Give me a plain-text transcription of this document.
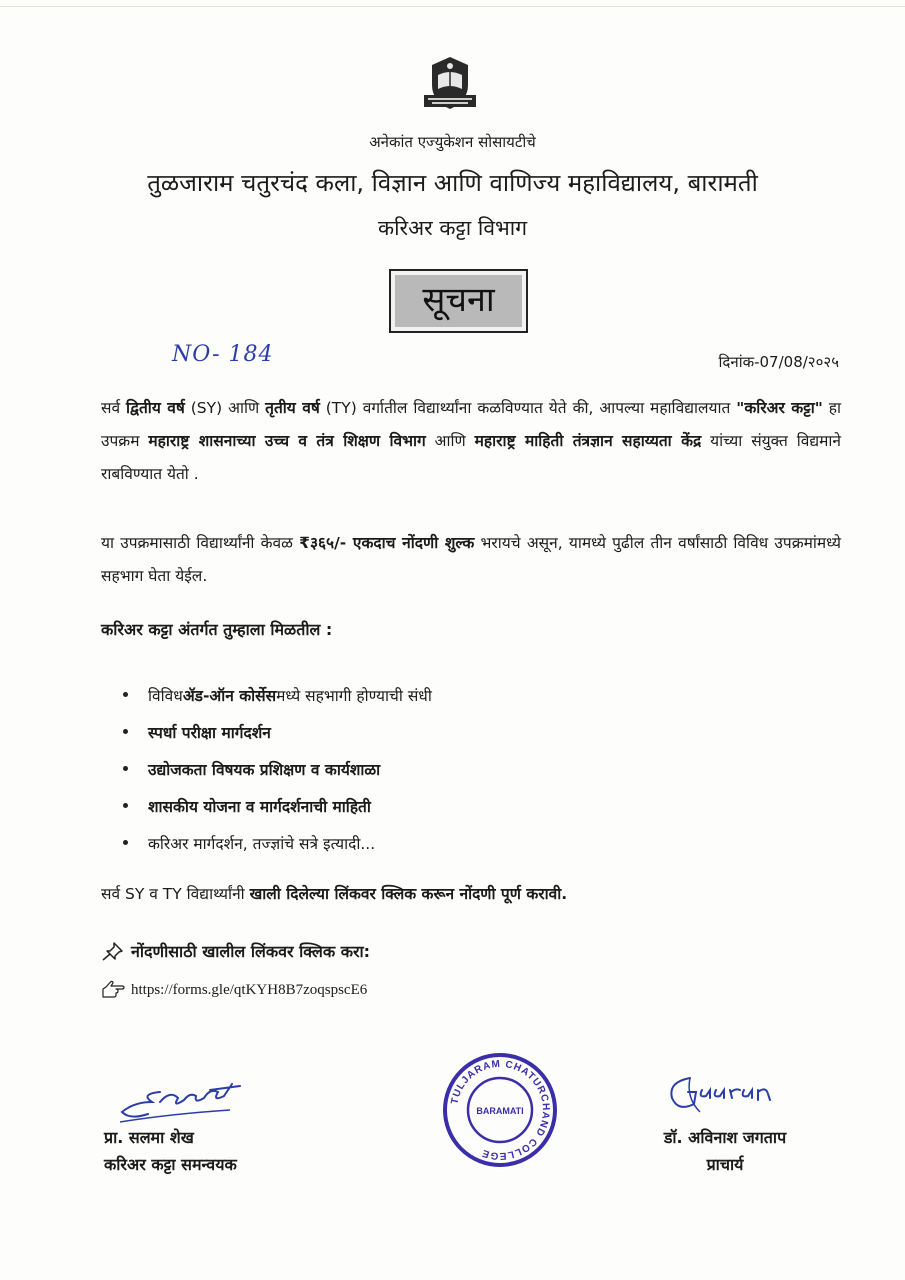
अनेकांत एज्युकेशन सोसायटीचे
तुळजाराम चतुरचंद कला, विज्ञान आणि वाणिज्य महाविद्यालय, बारामती
करिअर कट्टा विभाग
सूचना
NO- 184	दिनांक-07/08/२०२५
सर्व द्वितीय वर्ष (SY) आणि तृतीय वर्ष (TY) वर्गातील विद्यार्थ्यांना कळविण्यात येते की, आपल्या महाविद्यालयात "करिअर कट्टा" हा उपक्रम महाराष्ट्र शासनाच्या उच्च व तंत्र शिक्षण विभाग आणि महाराष्ट्र माहिती तंत्रज्ञान सहाय्यता केंद्र यांच्या संयुक्त विद्यमाने राबविण्यात येतो .
या उपक्रमासाठी विद्यार्थ्यांनी केवळ ₹३६५/- एकदाच नोंदणी शुल्क भरायचे असून, यामध्ये पुढील तीन वर्षांसाठी विविध उपक्रमांमध्ये सहभाग घेता येईल.
करिअर कट्टा अंतर्गत तुम्हाला मिळतील :
विविध ॲड-ऑन कोर्सेस मध्ये सहभागी होण्याची संधी
स्पर्धा परीक्षा मार्गदर्शन
उद्योजकता विषयक प्रशिक्षण व कार्यशाळा
शासकीय योजना व मार्गदर्शनाची माहिती
करिअर मार्गदर्शन, तज्ज्ञांचे सत्रे इत्यादी...
सर्व SY व TY विद्यार्थ्यांनी खाली दिलेल्या लिंकवर क्लिक करून नोंदणी पूर्ण करावी.
नोंदणीसाठी खालील लिंकवर क्लिक करा:
https://forms.gle/qtKYH8B7zoqspscE6
प्रा. सलमा शेख
करिअर कट्टा समन्वयक
TULJARAM CHATURCHAND COLLEGE
BARAMATI
डॉ. अविनाश जगताप
प्राचार्य
